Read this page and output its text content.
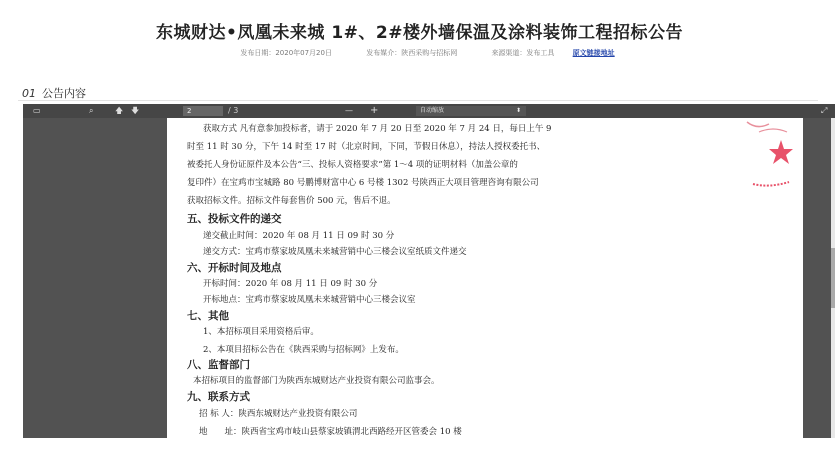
东城财达•凤凰未来城 1#、2#楼外墙保温及涂料装饰工程招标公告
发布日期：2020年07月20日	发布媒介：陕西采购与招标网	来源渠道：发布工具	原文链接地址
01 公告内容
▭	⌕	🡅 🡇	2	/ 3	— +	自动缩放	⬍	⤢
获取方式 凡有意参加投标者，请于 2020 年 7 月 20 日至 2020 年 7 月 24 日，每日上午 9
时至 11 时 30 分，下午 14 时至 17 时（北京时间，下同，节假日休息），持法人授权委托书、
被委托人身份证原件及本公告“三、投标人资格要求”第 1～4 项的证明材料（加盖公章的
复印件）在宝鸡市宝城路 80 号鹏博财富中心 6 号楼 1302 号陕西正大项目管理咨询有限公司
获取招标文件。招标文件每套售价 500 元，售后不退。
五、投标文件的递交
递交截止时间：2020 年 08 月 11 日 09 时 30 分
递交方式：宝鸡市蔡家坡凤凰未来城营销中心三楼会议室纸质文件递交
六、开标时间及地点
开标时间：2020 年 08 月 11 日 09 时 30 分
开标地点：宝鸡市蔡家坡凤凰未来城营销中心三楼会议室
七、其他
1、本招标项目采用资格后审。
2、本项目招标公告在《陕西采购与招标网》上发布。
八、监督部门
本招标项目的监督部门为陕西东城财达产业投资有限公司监事会。
九、联系方式
招 标 人：陕西东城财达产业投资有限公司
地　　址：陕西省宝鸡市岐山县蔡家坡镇渭北西路经开区管委会 10 楼
